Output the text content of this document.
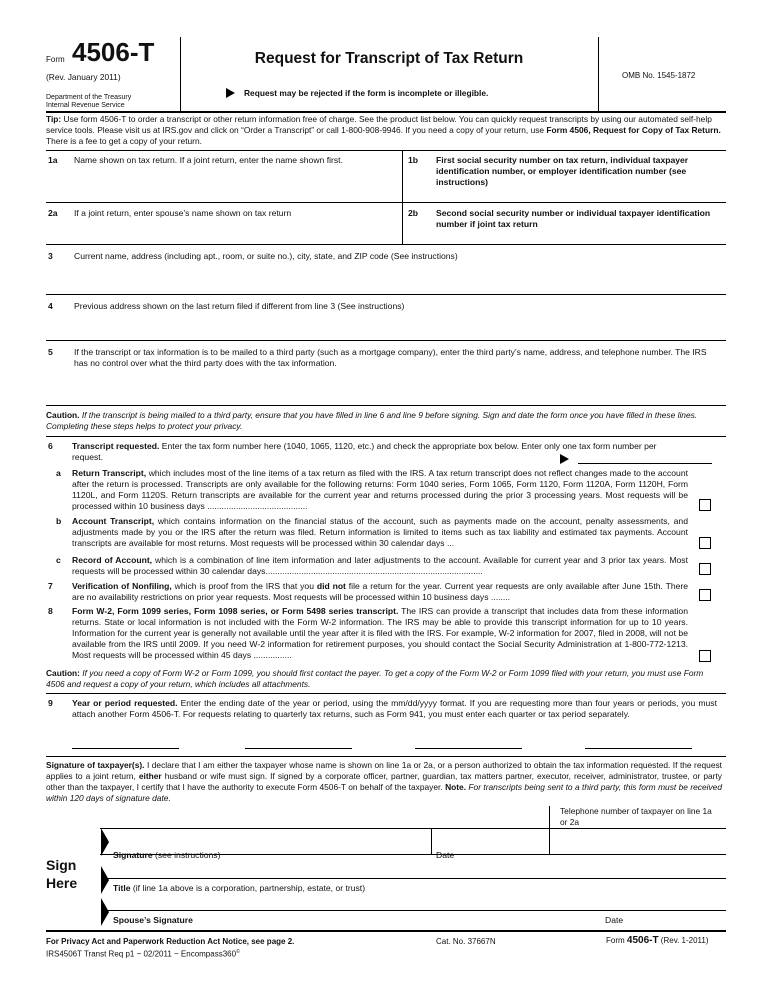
Form 4506-T
(Rev. January 2011)
Department of the Treasury
Internal Revenue Service
Request for Transcript of Tax Return
Request may be rejected if the form is incomplete or illegible.
OMB No. 1545-1872
Tip: Use form 4506-T to order a transcript or other return information free of charge. See the product list below. You can quickly request transcripts by using our automated self-help service tools. Please visit us at IRS.gov and click on “Order a Transcript” or call 1-800-908-9946. If you need a copy of your return, use Form 4506, Request for Copy of Tax Return. There is a fee to get a copy of your return.
1a Name shown on tax return. If a joint return, enter the name shown first.	1b First social security number on tax return, individual taxpayer identification number, or employer identification number (see instructions)
2a If a joint return, enter spouse’s name shown on tax return	2b Second social security number or individual taxpayer identification number if joint tax return
3 Current name, address (including apt., room, or suite no.), city, state, and ZIP code (See instructions)
4 Previous address shown on the last return filed if different from line 3 (See instructions)
5 If the transcript or tax information is to be mailed to a third party (such as a mortgage company), enter the third party’s name, address, and telephone number. The IRS has no control over what the third party does with the tax information.
Caution. If the transcript is being mailed to a third party, ensure that you have filled in line 6 and line 9 before signing. Sign and date the form once you have filled in these lines. Completing these steps helps to protect your privacy.
6 Transcript requested. Enter the tax form number here (1040, 1065, 1120, etc.) and check the appropriate box below. Enter only one tax form number per request.
a Return Transcript, which includes most of the line items of a tax return as filed with the IRS. A tax return transcript does not reflect changes made to the account after the return is processed. Transcripts are only available for the following returns: Form 1040 series, Form 1065, Form 1120, Form 1120A, Form 1120H, Form 1120L, and Form 1120S. Return transcripts are available for the current year and returns processed during the prior 3 processing years. Most requests will be processed within 10 business days ..........................................
b Account Transcript, which contains information on the financial status of the account, such as payments made on the account, penalty assessments, and adjustments made by you or the IRS after the return was filed. Return information is limited to items such as tax liability and estimated tax payments. Account transcripts are available for most returns. Most requests will be processed within 30 calendar days ...
c Record of Account, which is a combination of line item information and later adjustments to the account. Available for current year and 3 prior tax years. Most requests will be processed within 30 calendar days...........................................................................................
7 Verification of Nonfiling, which is proof from the IRS that you did not file a return for the year. Current year requests are only available after June 15th. There are no availability restrictions on prior year requests. Most requests will be processed within 10 business days ........
8 Form W-2, Form 1099 series, Form 1098 series, or Form 5498 series transcript. The IRS can provide a transcript that includes data from these information returns. State or local information is not included with the Form W-2 information. The IRS may be able to provide this transcript information for up to 10 years. Information for the current year is generally not available until the year after it is filed with the IRS. For example, W-2 information for 2007, filed in 2008, will not be available from the IRS until 2009. If you need W-2 information for retirement purposes, you should contact the Social Security Administration at 1-800-772-1213. Most requests will be processed within 45 days ................
Caution: If you need a copy of Form W-2 or Form 1099, you should first contact the payer. To get a copy of the Form W-2 or Form 1099 filed with your return, you must use Form 4506 and request a copy of your return, which includes all attachments.
9 Year or period requested. Enter the ending date of the year or period, using the mm/dd/yyyy format. If you are requesting more than four years or periods, you must attach another Form 4506-T. For requests relating to quarterly tax returns, such as Form 941, you must enter each quarter or tax period separately.
Signature of taxpayer(s). I declare that I am either the taxpayer whose name is shown on line 1a or 2a, or a person authorized to obtain the tax information requested. If the request applies to a joint return, either husband or wife must sign. If signed by a corporate officer, partner, guardian, tax matters partner, executor, receiver, administrator, trustee, or party other than the taxpayer, I certify that I have the authority to execute Form 4506-T on behalf of the taxpayer. Note. For transcripts being sent to a third party, this form must be received within 120 days of signature date.
Telephone number of taxpayer on line 1a or 2a
Sign
Here
Signature (see instructions)	Date
Title (if line 1a above is a corporation, partnership, estate, or trust)
Spouse’s Signature	Date
For Privacy Act and Paperwork Reduction Act Notice, see page 2.	Cat. No. 37667N	Form 4506-T (Rev. 1-2011)
IRS4506T Transt Req p1 ~ 02/2011 ~ Encompass360©
